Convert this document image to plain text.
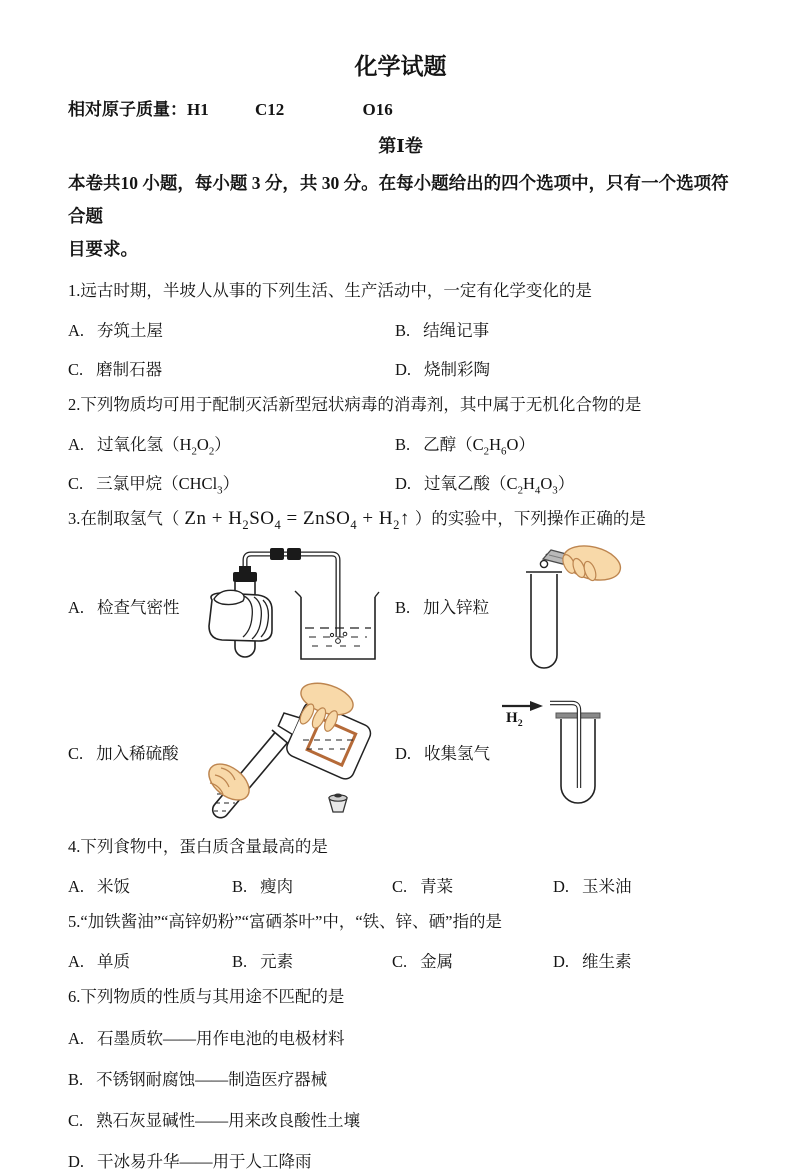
化学试题
相对原子质量：H1	C12	O16
第Ⅰ卷
本卷共10 小题，每小题 3 分，共 30 分。在每小题给出的四个选项中，只有一个选项符合题
目要求。
1.远古时期，半坡人从事的下列生活、生产活动中，一定有化学变化的是
A. 夯筑土屋	B. 结绳记事
C. 磨制石器	D. 烧制彩陶
2.下列物质均可用于配制灭活新型冠状病毒的消毒剂，其中属于无机化合物的是
A. 过氧化氢$(H_2O_2)$	B. 乙醇$(C_2H_6O)$
C. 三氯甲烷（CHCl$_3$）	D. 过氧乙酸$(C_2H_4O_3)$
3.在制取氢气（ $Zn + H_2SO_4$ = ZnSO$_4$ + $H_2↑$ ）的实验中，下列操作正确的是
A. 检查气密性	B. 加入锌粒
C. 加入稀硫酸	D. 收集氢气
$H_2$
4.下列食物中，蛋白质含量最高的是
A. 米饭	B. 瘦肉	C. 青菜	D. 玉米油
5.“加铁酱油”“高锌奶粉”“富硒茶叶”中，“铁、锌、硒”指的是
A. 单质	B. 元素	C. 金属	D. 维生素
6.下列物质的性质与其用途不匹配的是
A. 石墨质软——用作电池的电极材料
B. 不锈钢耐腐蚀——制造医疗器械
C. 熟石灰显碱性——用来改良酸性土壤
D. 干冰易升华——用于人工降雨
